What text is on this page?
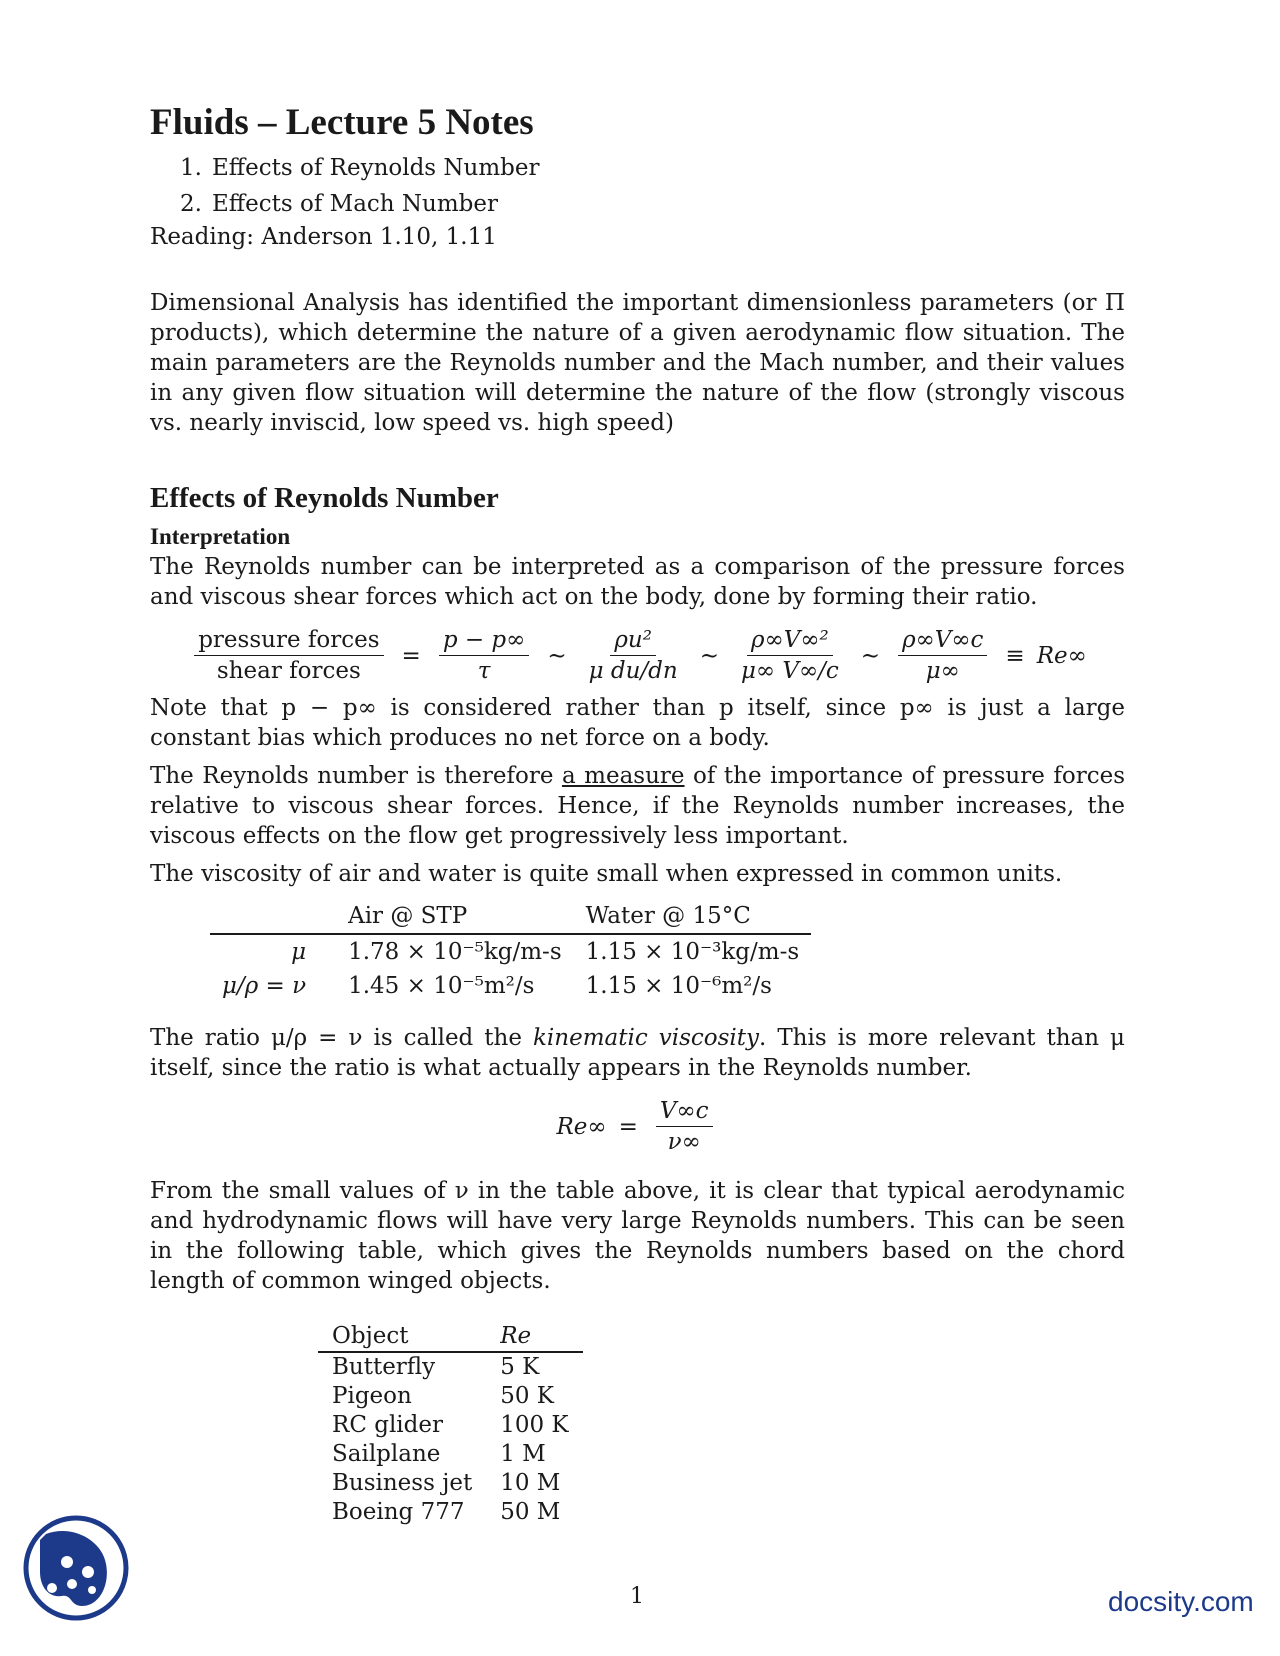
Fluids – Lecture 5 Notes
1. Effects of Reynolds Number
2. Effects of Mach Number
Reading: Anderson 1.10, 1.11

Dimensional Analysis has identified the important dimensionless parameters (or Π products), which determine the nature of a given aerodynamic flow situation. The main parameters are the Reynolds number and the Mach number, and their values in any given flow situation will determine the nature of the flow (strongly viscous vs. nearly inviscid, low speed vs. high speed)

Effects of Reynolds Number
Interpretation

The Reynolds number can be interpreted as a comparison of the pressure forces and viscous shear forces which act on the body, done by forming their ratio.

$\frac{\text{pressure forces}}{\text{shear forces}} = \frac{p - p\infty}{\tau}$ ∼ $\frac{\text{ρu²}}{\text{μ du/dn}}$ ∼ $\frac{\text{ρ∞V∞²}}{\mu\infty V\infty/c}$ ∼ $\frac{\rho\infty V\infty c}{\mu\infty} \equiv Re\infty$

Note that p − p∞ is considered rather than p itself, since p∞ is just a large constant bias which produces no net force on a body.

The Reynolds number is therefore a measure of the importance of pressure forces relative to viscous shear forces. Hence, if the Reynolds number increases, the viscous effects on the flow get progressively less important.

The viscosity of air and water is quite small when expressed in common units.

	Air @ STP	Water @ 15°C
μ	1.78 × 10⁻⁵kg/m-s	1.15 × 10⁻³kg/m-s
μ/ρ = ν	1.45 × 10⁻⁵m²/s	1.15 × 10⁻⁶m²/s

The ratio μ/ρ = ν is called the kinematic viscosity. This is more relevant than μ itself, since the ratio is what actually appears in the Reynolds number.

$Re\infty = \frac{V\infty c}{\nu\infty}$

From the small values of ν in the table above, it is clear that typical aerodynamic and hydrodynamic flows will have very large Reynolds numbers. This can be seen in the following table, which gives the Reynolds numbers based on the chord length of common winged objects.

Object	Re
Butterfly	5 K
Pigeon	50 K
RC glider	100 K
Sailplane	1 M
Business jet	10 M
Boeing 777	50 M
1	docsity.com
